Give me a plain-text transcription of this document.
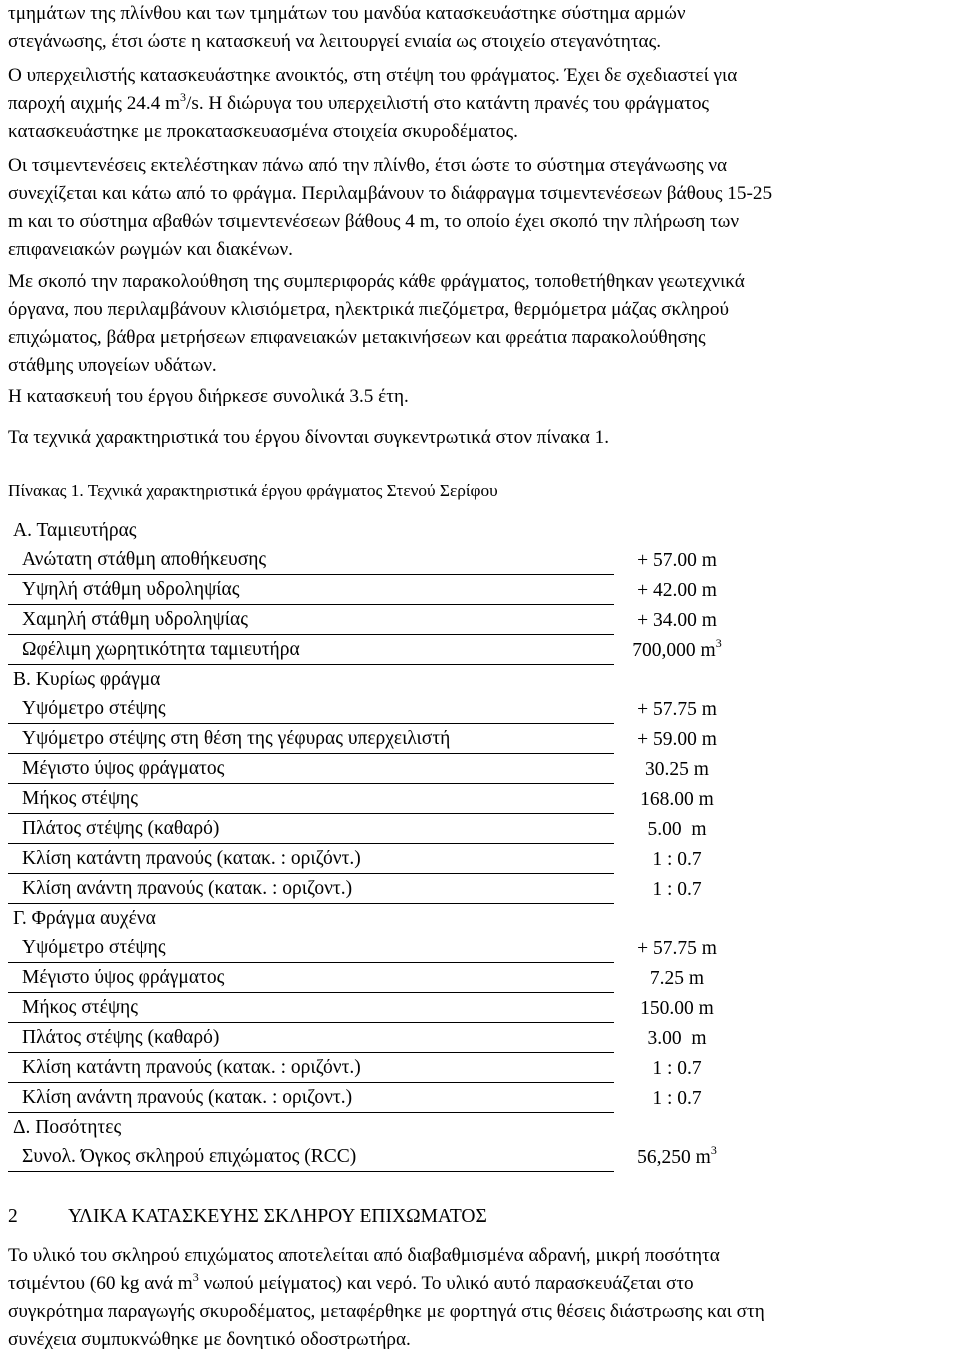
τμημάτων της πλίνθου και των τμημάτων του μανδύα κατασκευάστηκε σύστημα αρμών
στεγάνωσης, έτσι ώστε η κατασκευή να λειτουργεί ενιαία ως στοιχείο στεγανότητας.
Ο υπερχειλιστής κατασκευάστηκε ανοικτός, στη στέψη του φράγματος. Έχει δε σχεδιαστεί για
παροχή αιχμής 24.4 $m^3/s$. Η διώρυγα του υπερχειλιστή στο κατάντη πρανές του φράγματος
κατασκευάστηκε με προκατασκευασμένα στοιχεία σκυροδέματος.
Οι τσιμεντενέσεις εκτελέστηκαν πάνω από την πλίνθο, έτσι ώστε το σύστημα στεγάνωσης να
συνεχίζεται και κάτω από το φράγμα. Περιλαμβάνουν το διάφραγμα τσιμεντενέσεων βάθους 15-25
m και το σύστημα αβαθών τσιμεντενέσεων βάθους 4 m, το οποίο έχει σκοπό την πλήρωση των
επιφανειακών ρωγμών και διακένων.
Με σκοπό την παρακολούθηση της συμπεριφοράς κάθε φράγματος, τοποθετήθηκαν γεωτεχνικά
όργανα, που περιλαμβάνουν κλισιόμετρα, ηλεκτρικά πιεζόμετρα, θερμόμετρα μάζας σκληρού
επιχώματος, βάθρα μετρήσεων επιφανειακών μετακινήσεων και φρεάτια παρακολούθησης
στάθμης υπογείων υδάτων.
Η κατασκευή του έργου διήρκεσε συνολικά 3.5 έτη.
Τα τεχνικά χαρακτηριστικά του έργου δίνονται συγκεντρωτικά στον πίνακα 1.
Πίνακας 1. Τεχνικά χαρακτηριστικά έργου φράγματος Στενού Σερίφου
Α. Ταμιευτήρας	
Ανώτατη στάθμη αποθήκευσης	+ 57.00 m
Υψηλή στάθμη υδροληψίας	+ 42.00 m
Χαμηλή στάθμη υδροληψίας	+ 34.00 m
Ωφέλιμη χωρητικότητα ταμιευτήρα	700,000 $m^3$
Β. Κυρίως φράγμα	
Υψόμετρο στέψης	+ 57.75 m
Υψόμετρο στέψης στη θέση της γέφυρας υπερχειλιστή	+ 59.00 m
Μέγιστο ύψος φράγματος	30.25 m
Μήκος στέψης	168.00 m
Πλάτος στέψης (καθαρό)	5.00  m
Κλίση κατάντη πρανούς (κατακ. : οριζόντ.)	1 : 0.7
Κλίση ανάντη πρανούς (κατακ. : οριζοντ.)	1 : 0.7
Γ. Φράγμα αυχένα	
Υψόμετρο στέψης	+ 57.75 m
Μέγιστο ύψος φράγματος	7.25 m
Μήκος στέψης	150.00 m
Πλάτος στέψης (καθαρό)	3.00  m
Κλίση κατάντη πρανούς (κατακ. : οριζόντ.)	1 : 0.7
Κλίση ανάντη πρανούς (κατακ. : οριζοντ.)	1 : 0.7
Δ. Ποσότητες	
Συνολ. Όγκος σκληρού επιχώματος (RCC)	56,250 $m^3$
2	ΥΛΙΚΑ ΚΑΤΑΣΚΕΥΗΣ ΣΚΛΗΡΟΥ ΕΠΙΧΩΜΑΤΟΣ
Το υλικό του σκληρού επιχώματος αποτελείται από διαβαθμισμένα αδρανή, μικρή ποσότητα
τσιμέντου (60 kg ανά $m^3$ νωπού μείγματος) και νερό. Το υλικό αυτό παρασκευάζεται στο
συγκρότημα παραγωγής σκυροδέματος, μεταφέρθηκε με φορτηγά στις θέσεις διάστρωσης και στη
συνέχεια συμπυκνώθηκε με δονητικό οδοστρωτήρα.
